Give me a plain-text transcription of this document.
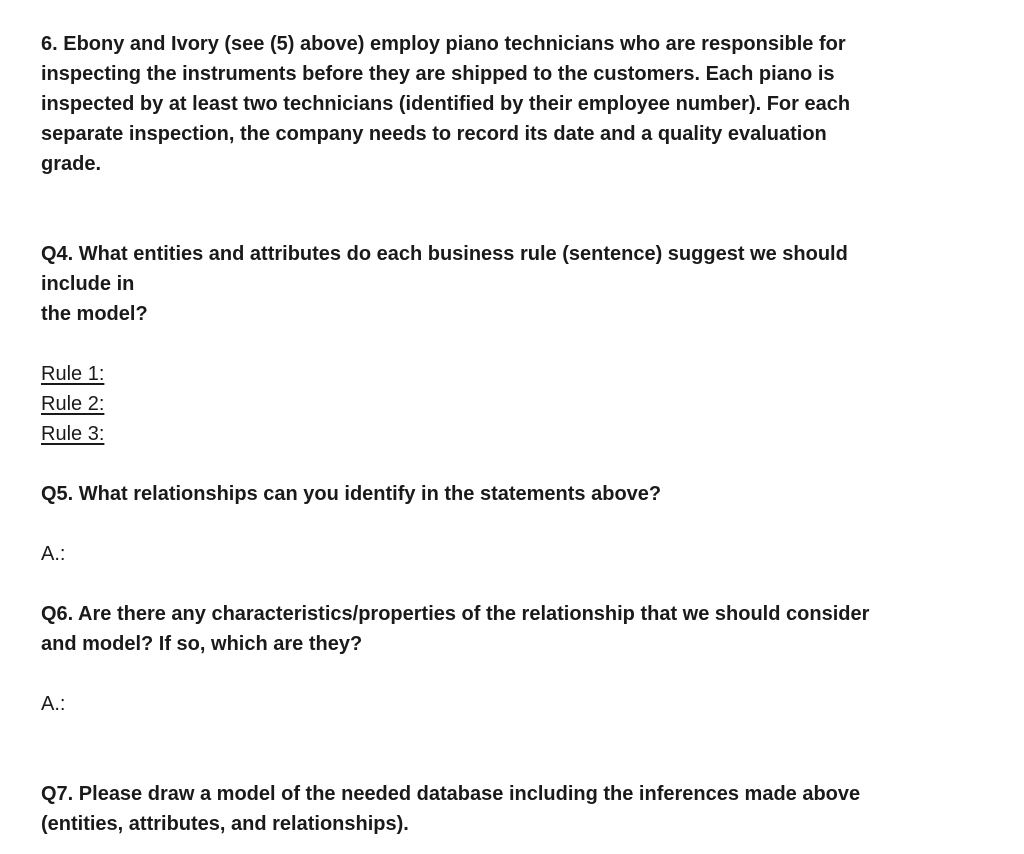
6. Ebony and Ivory (see (5) above) employ piano technicians who are responsible for
inspecting the instruments before they are shipped to the customers. Each piano is
inspected by at least two technicians (identified by their employee number). For each
separate inspection, the company needs to record its date and a quality evaluation
grade.
Q4. What entities and attributes do each business rule (sentence) suggest we should
include in
the model?
Rule 1:
Rule 2:
Rule 3:
Q5. What relationships can you identify in the statements above?
A.:
Q6. Are there any characteristics/properties of the relationship that we should consider
and model? If so, which are they?
A.:
Q7. Please draw a model of the needed database including the inferences made above
(entities, attributes, and relationships).
